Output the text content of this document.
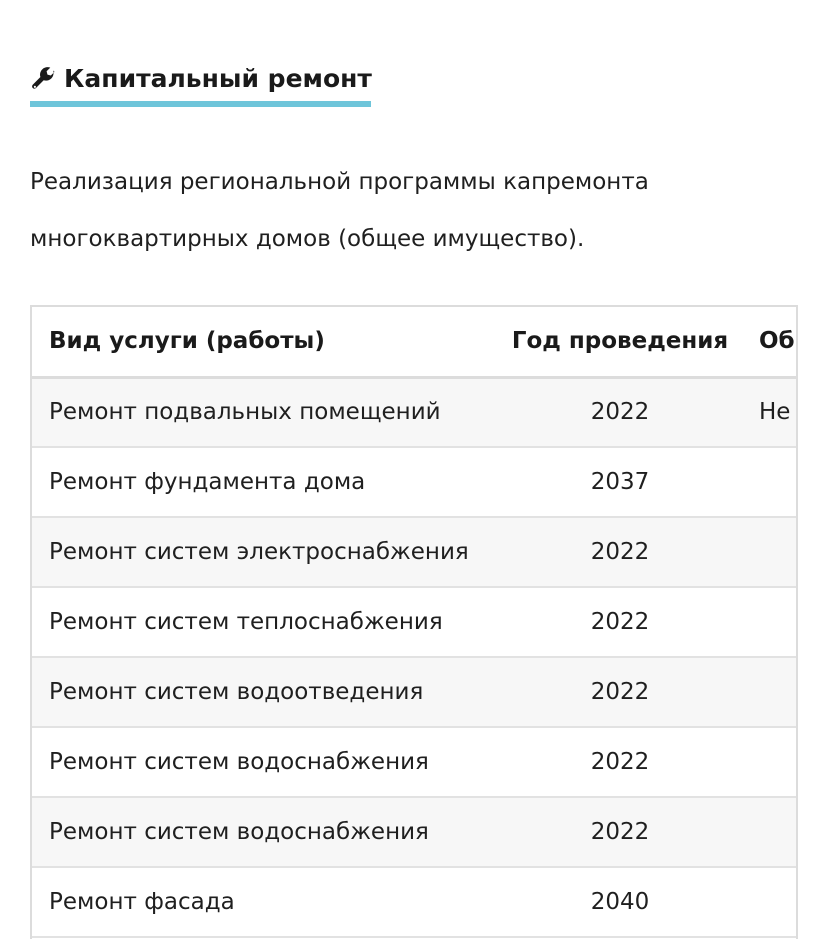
Капитальный ремонт
Реализация региональной программы капремонта
многоквартирных домов (общее имущество).
Вид услуги (работы)	Год проведения	Об
Ремонт подвальных помещений	2022	Не
Ремонт фундамента дома	2037	
Ремонт систем электроснабжения	2022	
Ремонт систем теплоснабжения	2022	
Ремонт систем водоотведения	2022	
Ремонт систем водоснабжения	2022	
Ремонт систем водоснабжения	2022	
Ремонт фасада	2040	
